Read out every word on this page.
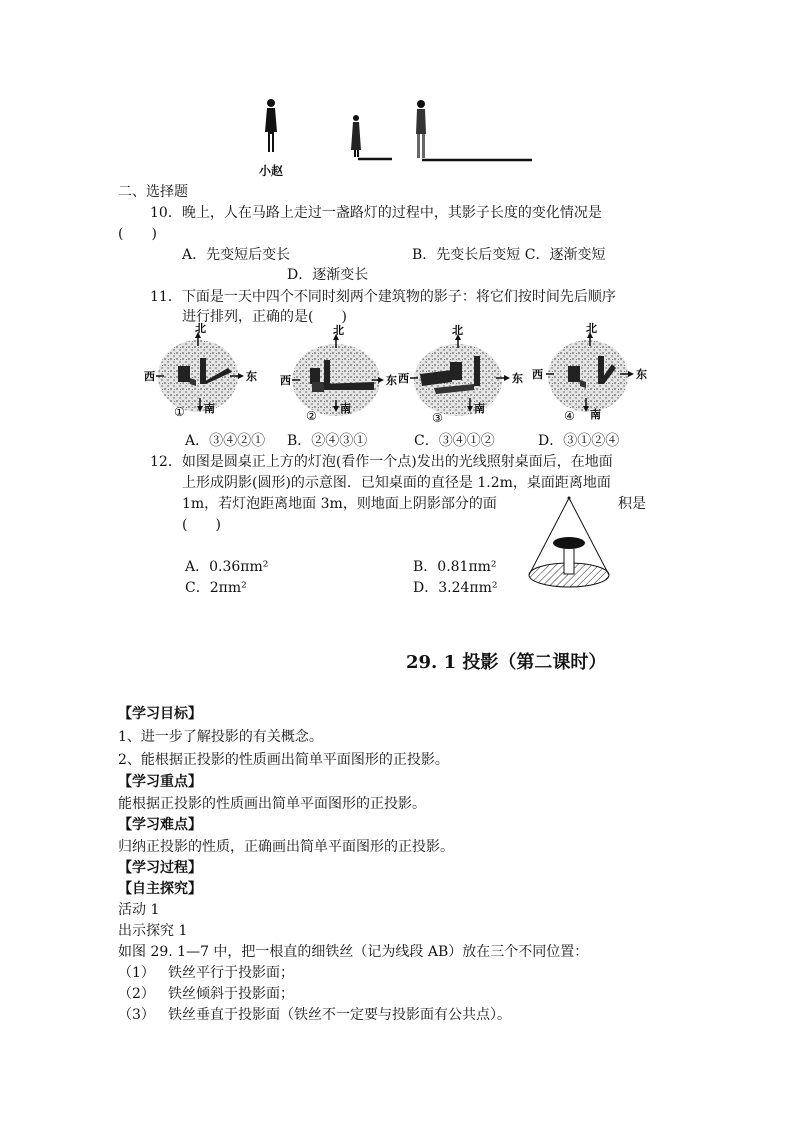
小赵
二、选择题
10．晚上，人在马路上走过一盏路灯的过程中，其影子长度的变化情况是
(　　)
A．先变短后变长	B．先变长后变短 C．逐渐变短
D．逐渐变长
11．下面是一天中四个不同时刻两个建筑物的影子：将它们按时间先后顺序
进行排列，正确的是(　　)
北
西	东
南
①
北
西	东
南
②
北
西	东
南
③
北
西	东
南
④
A．③④②① B．②④③①	C．③④①②	D．③①②④
12．如图是圆桌正上方的灯泡(看作一个点)发出的光线照射桌面后，在地面
上形成阴影(圆形)的示意图．已知桌面的直径是 1.2m，桌面距离地面
1m，若灯泡距离地面 3m，则地面上阴影部分的面	积是
(　　)
A．0.36πm²	B．0.81πm²
C．2πm²	D．3.24πm²
29. 1 投影（第二课时）
【学习目标】
1、进一步了解投影的有关概念。
2、能根据正投影的性质画出简单平面图形的正投影。
【学习重点】
能根据正投影的性质画出简单平面图形的正投影。
【学习难点】
归纳正投影的性质，正确画出简单平面图形的正投影。
【学习过程】
【自主探究】
活动 1
出示探究 1
如图 29. 1—7 中，把一根直的细铁丝（记为线段 AB）放在三个不同位置：
（1） 铁丝平行于投影面；
（2） 铁丝倾斜于投影面；
（3） 铁丝垂直于投影面（铁丝不一定要与投影面有公共点）。
